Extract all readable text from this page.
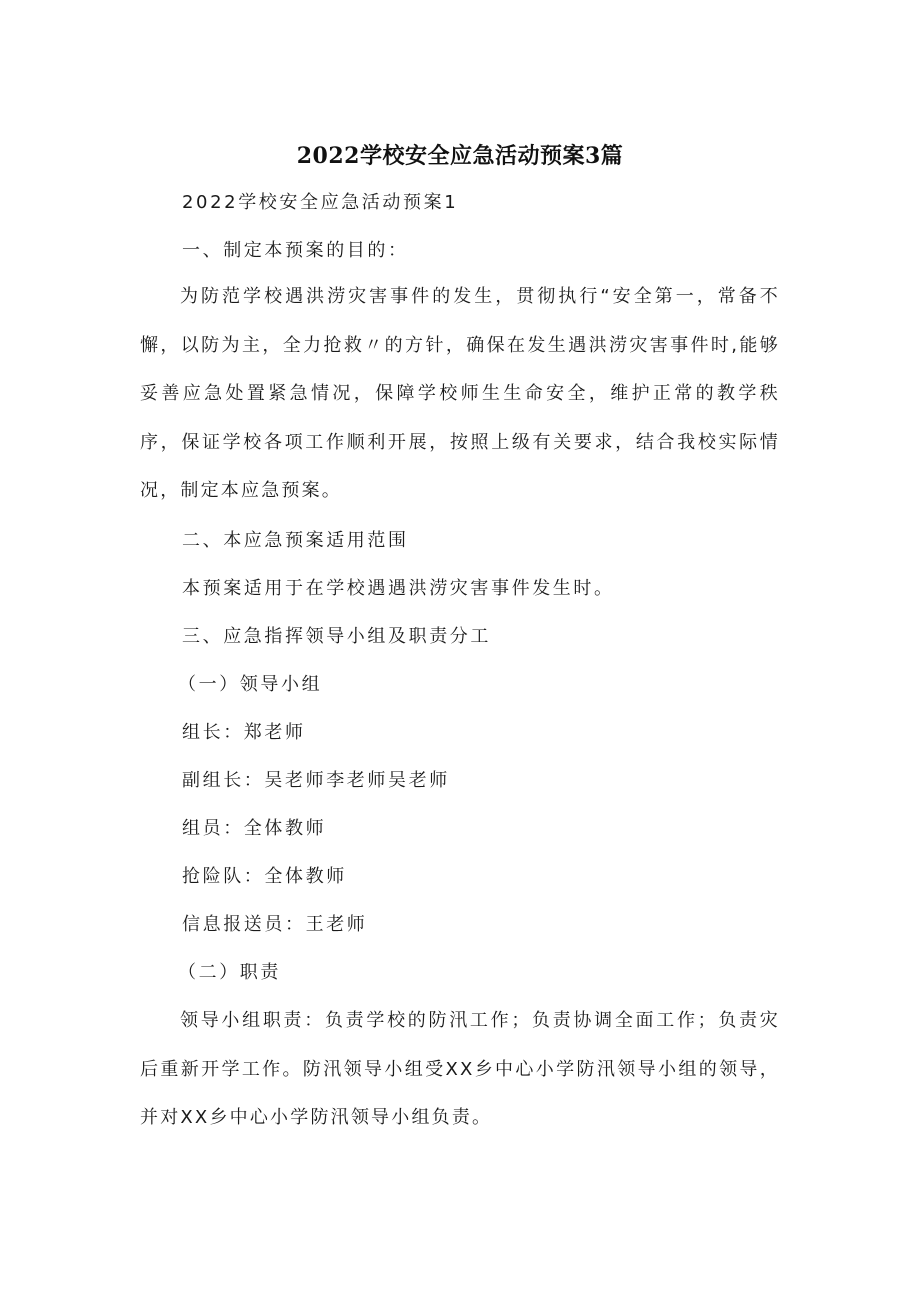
2022学校安全应急活动预案3篇
2022学校安全应急活动预案1
一、制定本预案的目的：
为防范学校遇洪涝灾害事件的发生，贯彻执行“安全第一，常备不懈，以防为主，全力抢救〃的方针，确保在发生遇洪涝灾害事件时,能够妥善应急处置紧急情况，保障学校师生生命安全，维护正常的教学秩序，保证学校各项工作顺利开展，按照上级有关要求，结合我校实际情况，制定本应急预案。
二、本应急预案适用范围
本预案适用于在学校遇遇洪涝灾害事件发生时。
三、应急指挥领导小组及职责分工
（一）领导小组
组长：郑老师
副组长：吴老师李老师吴老师
组员：全体教师
抢险队：全体教师
信息报送员：王老师
（二）职责
领导小组职责：负责学校的防汛工作；负责协调全面工作；负责灾后重新开学工作。防汛领导小组受XX乡中心小学防汛领导小组的领导，并对XX乡中心小学防汛领导小组负责。
